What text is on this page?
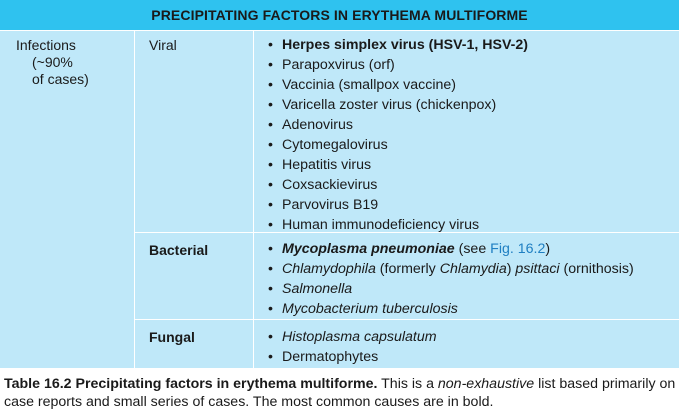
PRECIPITATING FACTORS IN ERYTHEMA MULTIFORME
Infections
(~90%
of cases)
Viral	• Herpes simplex virus (HSV-1, HSV-2)
• Parapoxvirus (orf)
• Vaccinia (smallpox vaccine)
• Varicella zoster virus (chickenpox)
• Adenovirus
• Cytomegalovirus
• Hepatitis virus
• Coxsackievirus
• Parvovirus B19
• Human immunodeficiency virus
Bacterial	• Mycoplasma pneumoniae (see Fig. 16.2)
• Chlamydophila (formerly Chlamydia) psittaci (ornithosis)
• Salmonella
• Mycobacterium tuberculosis
Fungal	• Histoplasma capsulatum
• Dermatophytes
Table 16.2 Precipitating factors in erythema multiforme. This is a non-exhaustive list based primarily on case reports and small series of cases. The most common causes are in bold.
